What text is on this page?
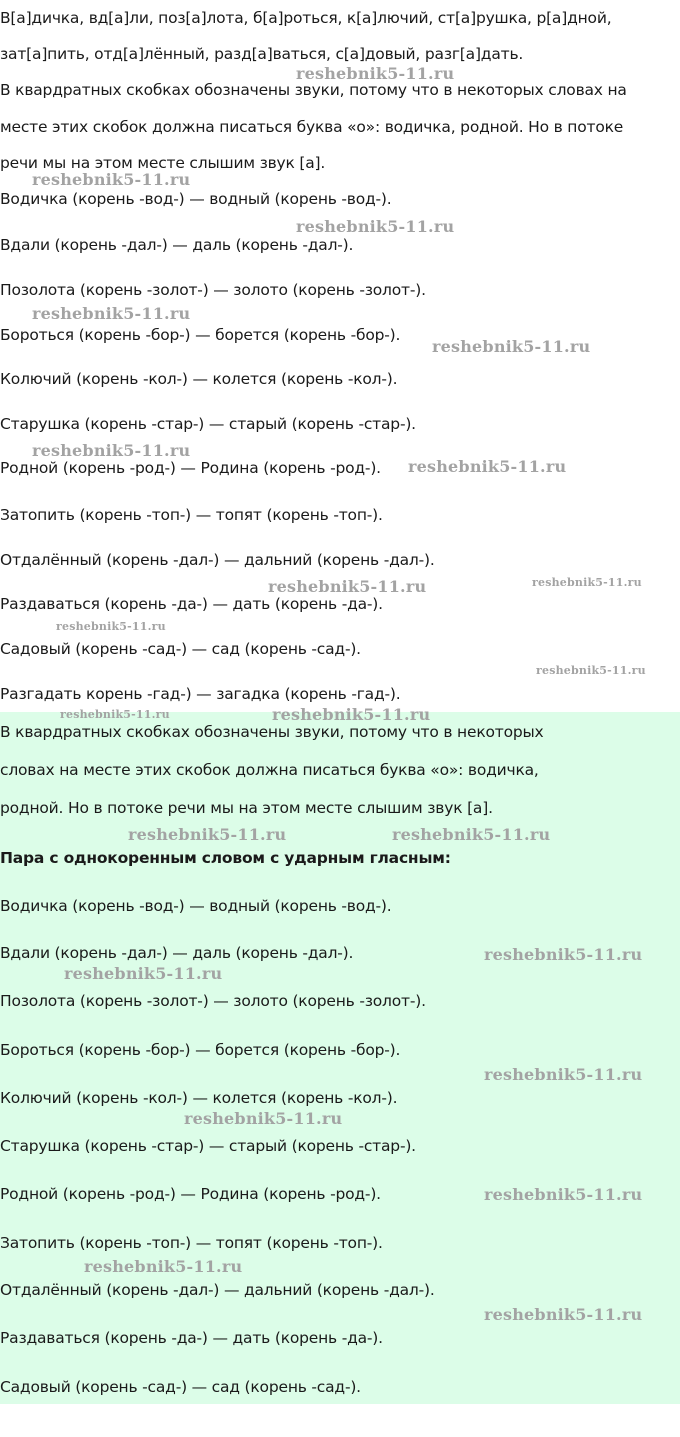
В[а]дичка, вд[а]ли, поз[а]лота, б[а]роться, к[а]лючий, ст[а]рушка, р[а]дной,
зат[а]пить, отд[а]лённый, разд[а]ваться, с[а]довый, разг[а]дать.
В квардратных скобках обозначены звуки, потому что в некоторых словах на
месте этих скобок должна писаться буква «о»: водичка, родной. Но в потоке
речи мы на этом месте слышим звук [а].
Водичка (корень -вод-) — водный (корень -вод-).
Вдали (корень -дал-) — даль (корень -дал-).
Позолота (корень -золот-) — золото (корень -золот-).
Бороться (корень -бор-) — борется (корень -бор-).
Колючий (корень -кол-) — колется (корень -кол-).
Старушка (корень -стар-) — старый (корень -стар-).
Родной (корень -род-) — Родина (корень -род-).
Затопить (корень -топ-) — топят (корень -топ-).
Отдалённый (корень -дал-) — дальний (корень -дал-).
Раздаваться (корень -да-) — дать (корень -да-).
Садовый (корень -сад-) — сад (корень -сад-).
Разгадать корень -гад-) — загадка (корень -гад-).
В квардратных скобках обозначены звуки, потому что в некоторых
словах на месте этих скобок должна писаться буква «о»: водичка,
родной. Но в потоке речи мы на этом месте слышим звук [а].
Пара с однокоренным словом с ударным гласным:
Водичка (корень -вод-) — водный (корень -вод-).
Вдали (корень -дал-) — даль (корень -дал-).
Позолота (корень -золот-) — золото (корень -золот-).
Бороться (корень -бор-) — борется (корень -бор-).
Колючий (корень -кол-) — колется (корень -кол-).
Старушка (корень -стар-) — старый (корень -стар-).
Родной (корень -род-) — Родина (корень -род-).
Затопить (корень -топ-) — топят (корень -топ-).
Отдалённый (корень -дал-) — дальний (корень -дал-).
Раздаваться (корень -да-) — дать (корень -да-).
Садовый (корень -сад-) — сад (корень -сад-).
reshebnik5-11.ru
reshebnik5-11.ru
reshebnik5-11.ru
reshebnik5-11.ru
reshebnik5-11.ru
reshebnik5-11.ru
reshebnik5-11.ru
reshebnik5-11.ru	reshebnik5-11.ru
reshebnik5-11.ru
reshebnik5-11.ru
reshebnik5-11.ru	reshebnik5-11.ru
reshebnik5-11.ru	reshebnik5-11.ru
reshebnik5-11.ru
reshebnik5-11.ru
reshebnik5-11.ru
reshebnik5-11.ru
reshebnik5-11.ru
reshebnik5-11.ru
reshebnik5-11.ru
